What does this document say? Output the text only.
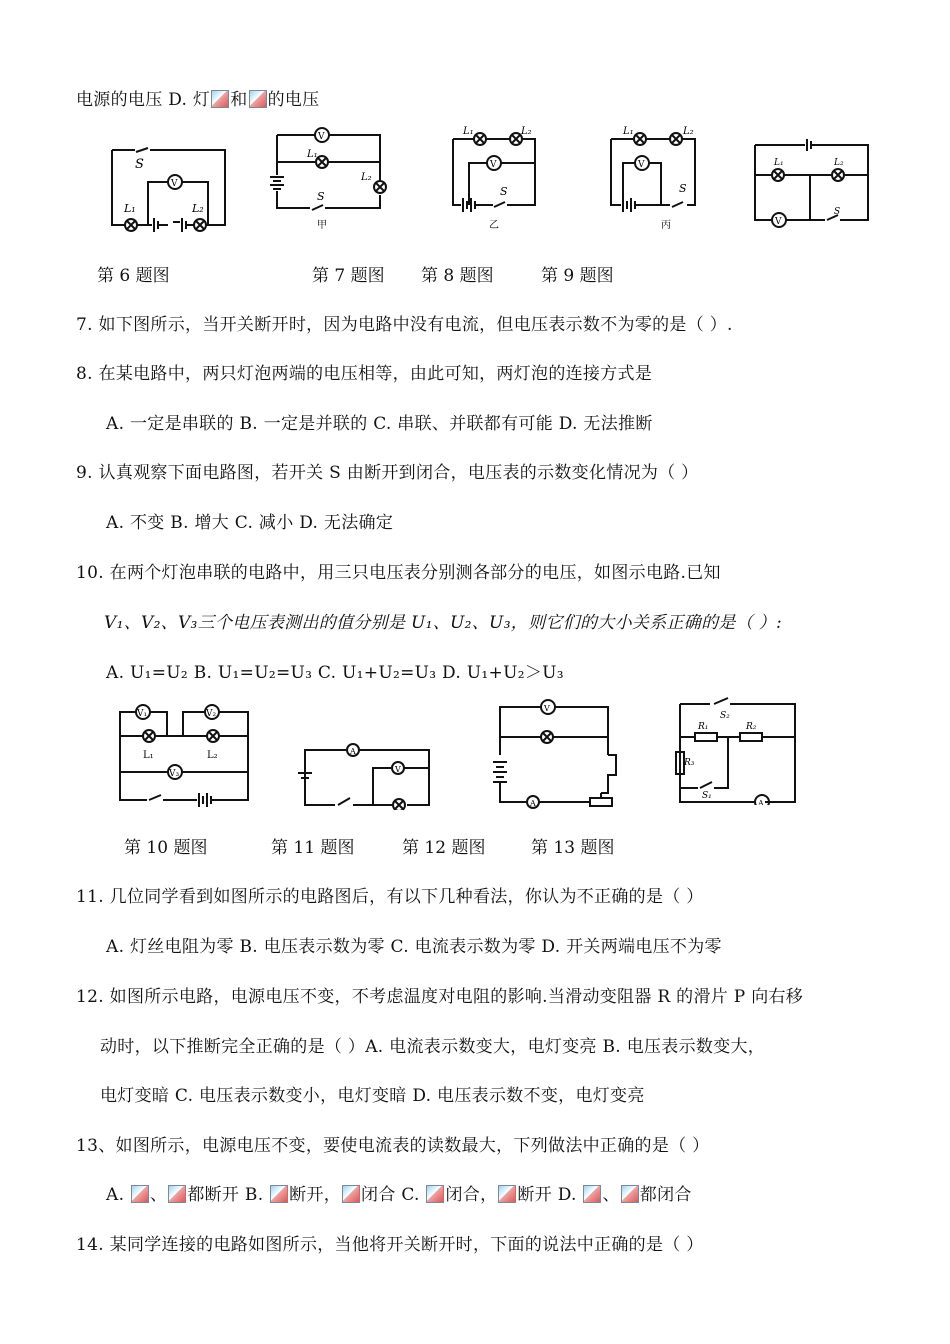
电源的电压 D. 灯 和 的电压
S
V
L₁	L₂
V
L₁
L₂
S
甲
L₁	L₂
V
S
乙
L₁	L₂
V
S
丙
L₁	L₂
V
S
第 6 题图	第 7 题图 第 8 题图	第 9 题图
7. 如下图所示，当开关断开时，因为电路中没有电流，但电压表示数不为零的是（ ）.
8. 在某电路中，两只灯泡两端的电压相等，由此可知，两灯泡的连接方式是
A. 一定是串联的 B. 一定是并联的 C. 串联、并联都有可能 D. 无法推断
9. 认真观察下面电路图，若开关 S 由断开到闭合，电压表的示数变化情况为（ ）
A. 不变 B. 增大 C. 减小 D. 无法确定
10. 在两个灯泡串联的电路中，用三只电压表分别测各部分的电压，如图示电路.已知
V₁、V₂、V₃三个电压表测出的值分别是 U₁、U₂、U₃，则它们的大小关系正确的是（ ）:
A. U₁=U₂ B. U₁=U₂=U₃ C. U₁+U₂=U₃ D. U₁+U₂＞U₃
V₁	V₂
V₃
L₁	L₂	A
V
V
A
S₂
R₁	R₂
R₃
S₁
A
第 10 题图	第 11 题图	第 12 题图	第 13 题图
11. 几位同学看到如图所示的电路图后，有以下几种看法，你认为不正确的是（ ）
A. 灯丝电阻为零 B. 电压表示数为零 C. 电流表示数为零 D. 开关两端电压不为零
12. 如图所示电路，电源电压不变，不考虑温度对电阻的影响.当滑动变阻器 R 的滑片 P 向右移
动时，以下推断完全正确的是（ ）A. 电流表示数变大，电灯变亮 B. 电压表示数变大，
电灯变暗 C. 电压表示数变小，电灯变暗 D. 电压表示数不变，电灯变亮
13、如图所示，电源电压不变，要使电流表的读数最大，下列做法中正确的是（ ）
A. 、 都断开 B. 断开， 闭合 C. 闭合， 断开 D. 、 都闭合
14. 某同学连接的电路如图所示，当他将开关断开时，下面的说法中正确的是（ ）
